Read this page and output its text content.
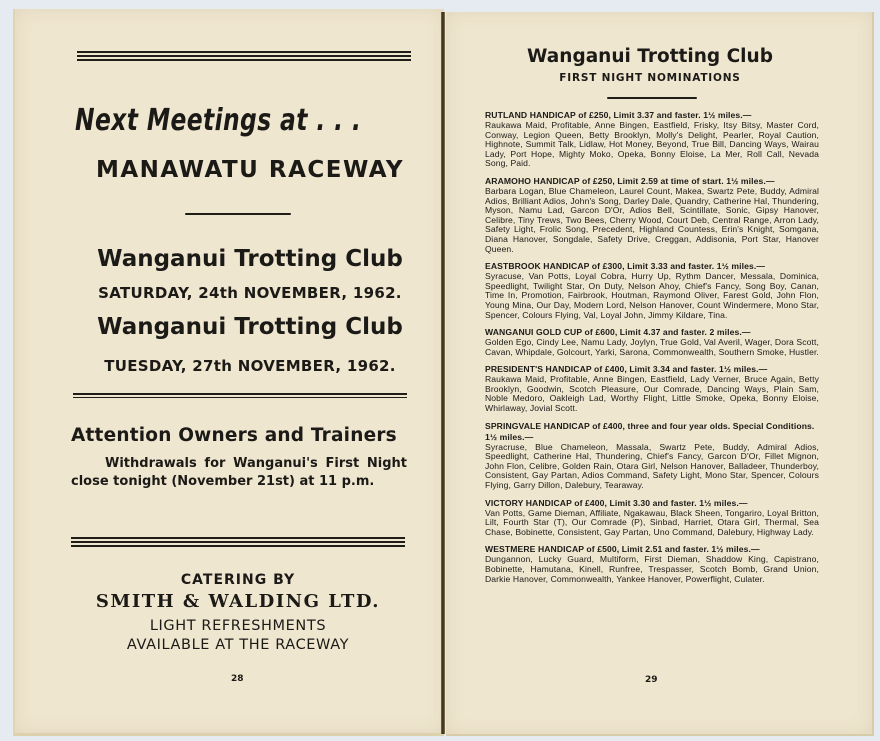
Next Meetings at . . .
MANAWATU RACEWAY
Wanganui Trotting Club
SATURDAY, 24th NOVEMBER, 1962.
Wanganui Trotting Club
TUESDAY, 27th NOVEMBER, 1962.
Attention Owners and Trainers
Withdrawals for Wanganui's First Night close tonight (November 21st) at 11 p.m.
CATERING BY
SMITH & WALDING LTD.
LIGHT REFRESHMENTS
AVAILABLE AT THE RACEWAY
28
Wanganui Trotting Club
FIRST NIGHT NOMINATIONS
RUTLAND HANDICAP of £250, Limit 3.37 and faster. 1½ miles.—
Raukawa Maid, Profitable, Anne Bingen, Eastfield, Frisky, Itsy Bitsy, Master Cord, Conway, Legion Queen, Betty Brooklyn, Molly's Delight, Pearler, Royal Caution, Highnote, Summit Talk, Lidlaw, Hot Money, Beyond, True Bill, Dancing Ways, Wairau Lady, Port Hope, Mighty Moko, Opeka, Bonny Eloise, La Mer, Roll Call, Nevada Song, Paid.
ARAMOHO HANDICAP of £250, Limit 2.59 at time of start. 1½ miles.—
Barbara Logan, Blue Chameleon, Laurel Count, Makea, Swartz Pete, Buddy, Admiral Adios, Brilliant Adios, John's Song, Darley Dale, Quandry, Catherine Hal, Thundering, Myson, Namu Lad, Garcon D'Or, Adios Bell, Scintillate, Sonic, Gipsy Hanover, Celibre, Tiny Trews, Two Bees, Cherry Wood, Court Deb, Central Range, Arron Lady, Safety Light, Frolic Song, Precedent, Highland Countess, Erin's Knight, Somgana, Diana Hanover, Songdale, Safety Drive, Creggan, Addisonia, Port Star, Hanover Queen.
EASTBROOK HANDICAP of £300, Limit 3.33 and faster. 1½ miles.—
Syracuse, Van Potts, Loyal Cobra, Hurry Up, Rythm Dancer, Messala, Dominica, Speedlight, Twilight Star, On Duty, Nelson Ahoy, Chief's Fancy, Song Boy, Canan, Time In, Promotion, Fairbrook, Houtman, Raymond Oliver, Farest Gold, John Flon, Young Mina, Our Day, Modern Lord, Nelson Hanover, Count Windermere, Mono Star, Spencer, Colours Flying, Val, Loyal John, Jimmy Kildare, Tina.
WANGANUI GOLD CUP of £600, Limit 4.37 and faster. 2 miles.—
Golden Ego, Cindy Lee, Namu Lady, Joylyn, True Gold, Val Averil, Wager, Dora Scott, Cavan, Whipdale, Golcourt, Yarki, Sarona, Commonwealth, Southern Smoke, Hustler.
PRESIDENT'S HANDICAP of £400, Limit 3.34 and faster. 1½ miles.—
Raukawa Maid, Profitable, Anne Bingen, Eastfield, Lady Verner, Bruce Again, Betty Brooklyn, Goodwin, Scotch Pleasure, Our Comrade, Dancing Ways, Plain Sam, Noble Medoro, Oakleigh Lad, Worthy Flight, Little Smoke, Opeka, Bonny Eloise, Whirlaway, Jovial Scott.
SPRINGVALE HANDICAP of £400, three and four year olds. Special Conditions. 1½ miles.—
Syracruse, Blue Chameleon, Massala, Swartz Pete, Buddy, Admiral Adios, Speedlight, Catherine Hal, Thundering, Chief's Fancy, Garcon D'Or, Fillet Mignon, John Flon, Celibre, Golden Rain, Otara Girl, Nelson Hanover, Balladeer, Thunderboy, Consistent, Gay Partan, Adios Command, Safety Light, Mono Star, Spencer, Colours Flying, Garry Dillon, Dalebury, Tearaway.
VICTORY HANDICAP of £400, Limit 3.30 and faster. 1½ miles.—
Van Potts, Game Dieman, Affiliate, Ngakawau, Black Sheen, Tongariro, Loyal Britton, Lilt, Fourth Star (T), Our Comrade (P), Sinbad, Harriet, Otara Girl, Thermal, Sea Chase, Bobinette, Consistent, Gay Partan, Uno Command, Dalebury, Highway Lady.
WESTMERE HANDICAP of £500, Limit 2.51 and faster. 1½ miles.—
Dungannon, Lucky Guard, Multiform, First Dieman, Shaddow King, Capistrano, Bobinette, Hamutana, Kinell, Runfree, Trespasser, Scotch Bomb, Grand Union, Darkie Hanover, Commonwealth, Yankee Hanover, Powerflight, Culater.
29
